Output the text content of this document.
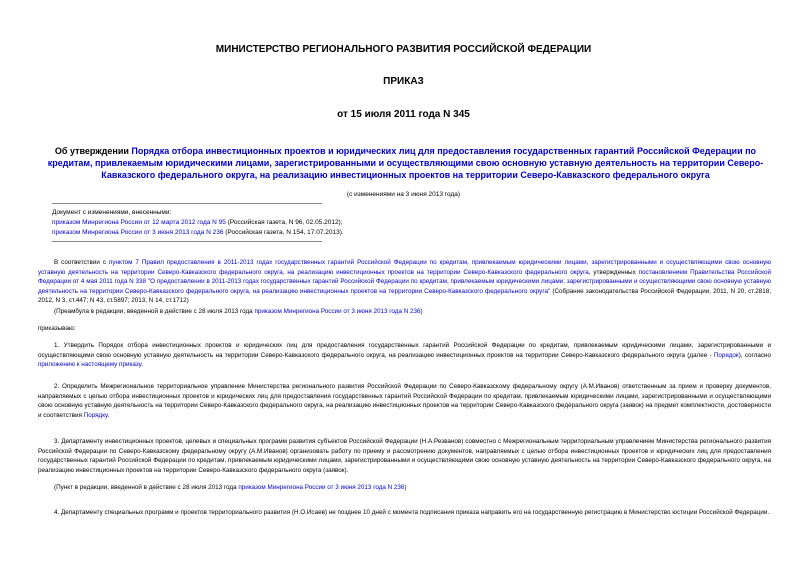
МИНИСТЕРСТВО РЕГИОНАЛЬНОГО РАЗВИТИЯ РОССИЙСКОЙ ФЕДЕРАЦИИ
ПРИКАЗ
от 15 июля 2011 года N 345
Об утверждении Порядка отбора инвестиционных проектов и юридических лиц для предоставления государственных гарантий Российской Федерации по кредитам, привлекаемым юридическими лицами, зарегистрированными и осуществляющими свою основную уставную деятельность на территории Северо-Кавказского федерального округа, на реализацию инвестиционных проектов на территории Северо-Кавказского федерального округа
(с изменениями на 3 июня 2013 года)
Документ с изменениями, внесенными:
приказом Минрегиона России от 12 марта 2012 года N 95 (Российская газета, N 96, 02.05.2012);
приказом Минрегиона России от 3 июня 2013 года N 236 (Российская газета, N 154, 17.07.2013).
В соответствии с пунктом 7 Правил предоставления в 2011-2013 годах государственных гарантий Российской Федерации по кредитам, привлекаемым юридическими лицами, зарегистрированными и осуществляющими свою основную уставную деятельность на территории Северо-Кавказского федерального округа, на реализацию инвестиционных проектов на территории Северо-Кавказского федерального округа, утвержденных постановлением Правительства Российской Федерации от 4 мая 2011 года N 338 "О предоставлении в 2011-2013 годах государственных гарантий Российской Федерации по кредитам, привлекаемым юридическими лицами, зарегистрированными и осуществляющими свою основную уставную деятельность на территории Северо-Кавказского федерального округа, на реализацию инвестиционных проектов на территории Северо-Кавказского федерального округа" (Собрание законодательства Российской Федерации, 2011, N 20, ст.2818; 2012, N 3, ст.447; N 43, ст.5897; 2013, N 14, ст.1712)
(Преамбула в редакции, введенной в действие с 28 июля 2013 года приказом Минрегиона России от 3 июня 2013 года N 236)
приказываю:
1. Утвердить Порядок отбора инвестиционных проектов и юридических лиц для предоставления государственных гарантий Российской Федерации по кредитам, привлекаемым юридическими лицами, зарегистрированными и осуществляющими свою основную уставную деятельность на территории Северо-Кавказского федерального округа, на реализацию инвестиционных проектов на территории Северо-Кавказского федерального округа (далее - Порядок), согласно приложению к настоящему приказу.
2. Определить Межрегиональное территориальное управление Министерства регионального развития Российской Федерации по Северо-Кавказскому федеральному округу (А.М.Иванов) ответственным за прием и проверку документов, направляемых с целью отбора инвестиционных проектов и юридических лиц для предоставления государственных гарантий Российской Федерации по кредитам, привлекаемым юридическими лицами, зарегистрированными и осуществляющими свою основную уставную деятельность на территории Северо-Кавказского федерального округа, на реализацию инвестиционных проектов на территории Северо-Кавказского федерального округа (заявок) на предмет комплектности, достоверности и соответствия Порядку.
3. Департаменту инвестиционных проектов, целевых и специальных программ развития субъектов Российской Федерации (Н.А.Резванов) совместно с Межрегиональным территориальным управлением Министерства регионального развития Российской Федерации по Северо-Кавказскому федеральному округу (А.М.Иванов) организовать работу по приему и рассмотрению документов, направляемых с целью отбора инвестиционных проектов и юридических лиц для предоставления государственных гарантий Российской Федерации по кредитам, привлекаемым юридическими лицами, зарегистрированными и осуществляющими свою основную уставную деятельность на территории Северо-Кавказского федерального округа, на реализацию инвестиционных проектов на территории Северо-Кавказского федерального округа (заявок).
(Пункт в редакции, введенной в действие с 28 июля 2013 года приказом Минрегиона России от 3 июня 2013 года N 236)
4. Департаменту специальных программ и проектов территориального развития (Н.О.Исаев) не позднее 10 дней с момента подписания приказа направить его на государственную регистрацию в Министерство юстиции Российской Федерации.
